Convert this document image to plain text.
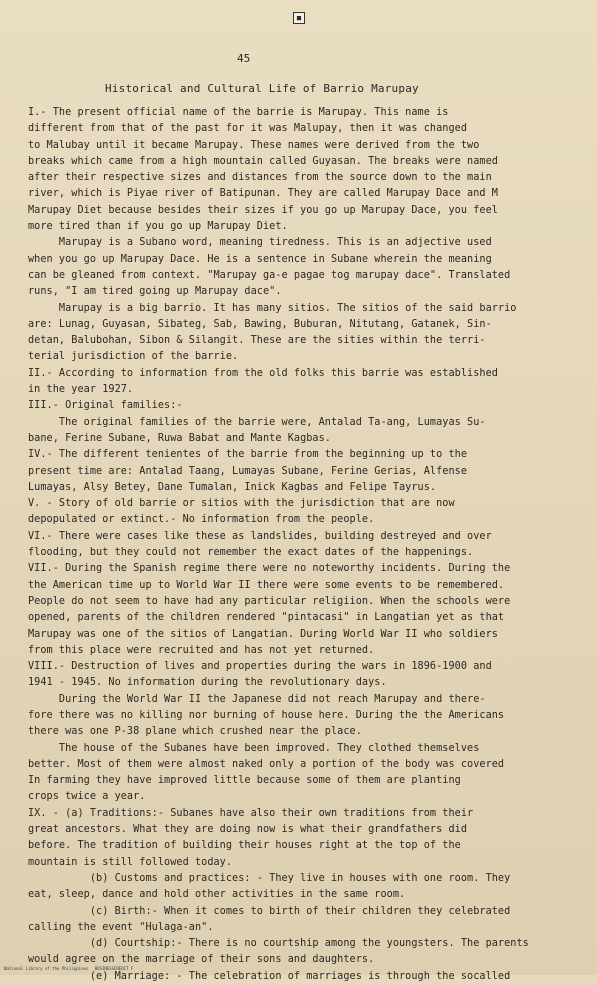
■
45
Historical and Cultural Life of Barrio Marupay
I.- The present official name of the barrie is Marupay. This name is
different from that of the past for it was Malupay, then it was changed
to Malubay until it became Marupay. These names were derived from the two
breaks which came from a high mountain called Guyasan. The breaks were named
after their respective sizes and distances from the source down to the main
river, which is Piyae river of Batipunan. They are called Marupay Dace and M
Marupay Diet because besides their sizes if you go up Marupay Dace, you feel
more tired than if you go up Marupay Diet.
Marupay is a Subano word, meaning tiredness. This is an adjective used
when you go up Marupay Dace. He is a sentence in Subane wherein the meaning
can be gleaned from context. "Marupay ga-e pagae tog marupay dace". Translated
runs, "I am tired going up Marupay dace".
Marupay is a big barrio. It has many sitios. The sitios of the said barrio
are: Lunag, Guyasan, Sibateg, Sab, Bawing, Buburan, Nitutang, Gatanek, Sin-
detan, Balubohan, Sibon & Silangit. These are the sities within the terri-
terial jurisdiction of the barrie.
II.- According to information from the old folks this barrie was established
in the year 1927.
III.- Original families:-
The original families of the barrie were, Antalad Ta-ang, Lumayas Su-
bane, Ferine Subane, Ruwa Babat and Mante Kagbas.
IV.- The different tenientes of the barrie from the beginning up to the
present time are: Antalad Taang, Lumayas Subane, Ferine Gerias, Alfense
Lumayas, Alsy Betey, Dane Tumalan, Inick Kagbas and Felipe Tayrus.
V. - Story of old barrie or sitios with the jurisdiction that are now
depopulated or extinct.- No information from the people.
VI.- There were cases like these as landslides, building destreyed and over
flooding, but they could not remember the exact dates of the happenings.
VII.- During the Spanish regime there were no noteworthy incidents. During the
the American time up to World War II there were some events to be remembered.
People do not seem to have had any particular religiion. When the schools were
opened, parents of the children rendered "pintacasi" in Langatian yet as that
Marupay was one of the sitios of Langatian. During World War II who soldiers
from this place were recruited and has not yet returned.
VIII.- Destruction of lives and properties during the wars in 1896-1900 and
1941 - 1945. No information during the revolutionary days.
During the World War II the Japanese did not reach Marupay and there-
fore there was no killing nor burning of house here. During the the Americans
there was one P-38 plane which crushed near the place.
The house of the Subanes have been improved. They clothed themselves
better. Most of them were almost naked only a portion of the body was covered
In farming they have improved little because some of them are planting
crops twice a year.
IX. - (a) Traditions:- Subanes have also their own traditions from their
great ancestors. What they are doing now is what their grandfathers did
before. The tradition of building their houses right at the top of the
mountain is still followed today.
(b) Customs and practices: - They live in houses with one room. They
eat, sleep, dance and hold other activities in the same room.
(c) Birth:- When it comes to birth of their children they celebrated
calling the event "Hulaga-an".
(d) Courtship:- There is no courtship among the youngsters. The parents
would agree on the marriage of their sons and daughters.
(e) Marriage: - The celebration of marriages is through the socalled
National Library of the Philippines BUSINESSCREDIT F
